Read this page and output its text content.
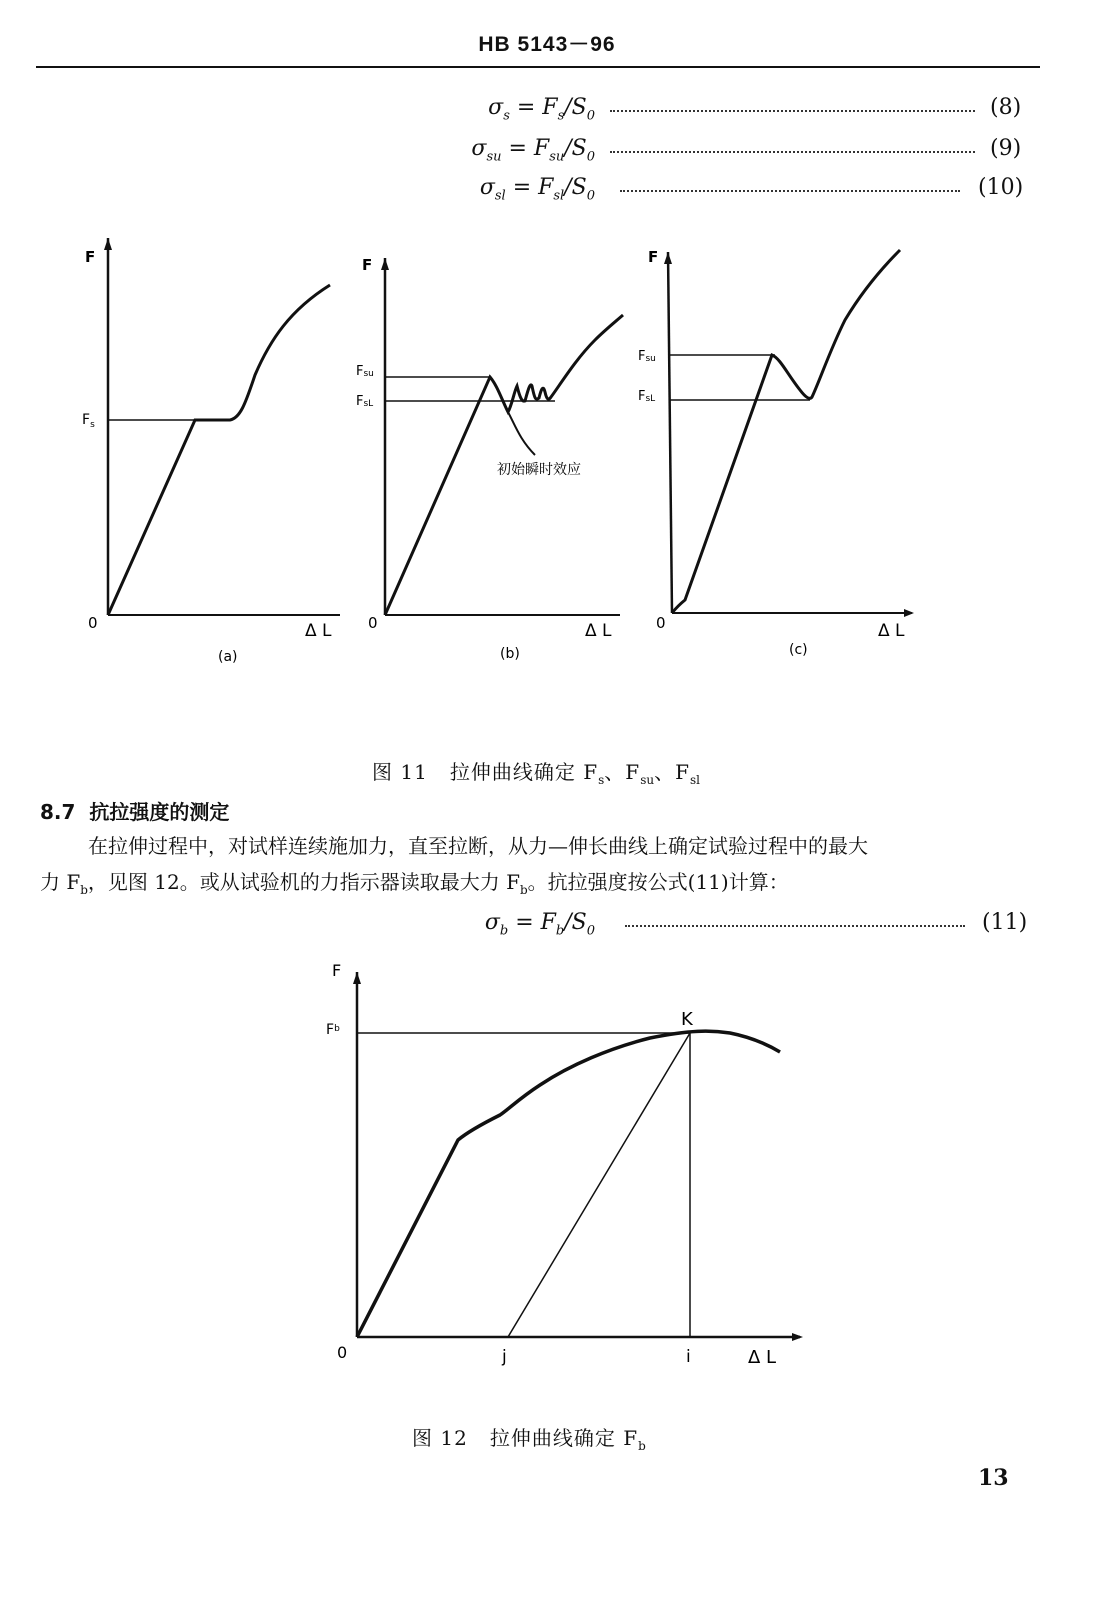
HB 5143－96
$\sigma_s = F_s/S_0$	(8)
$\sigma_{su} = F_{su}/S_0$	(9)
$\sigma_{sl} = F_{sl}/S_0$	(10)
F
$F_s$
0	Δ L
(a)
F
Fsu
FsL
初始瞬时效应
0	Δ L
(b)
F
Fsu
FsL
0	Δ L
(c)
图 11 拉伸曲线确定 $F_s$、$F_{su}$、$F_{sl}$
8.7 抗拉强度的测定
在拉伸过程中，对试样连续施加力，直至拉断，从力—伸长曲线上确定试验过程中的最大
力 $F_b$，见图 12。或从试验机的力指示器读取最大力 $F_b$。抗拉强度按公式(11)计算：
$\sigma_b = F_b/S_0$	(11)
F
$F^b$	K
0	j	i	Δ L
图 12 拉伸曲线确定 $F_b$
13
